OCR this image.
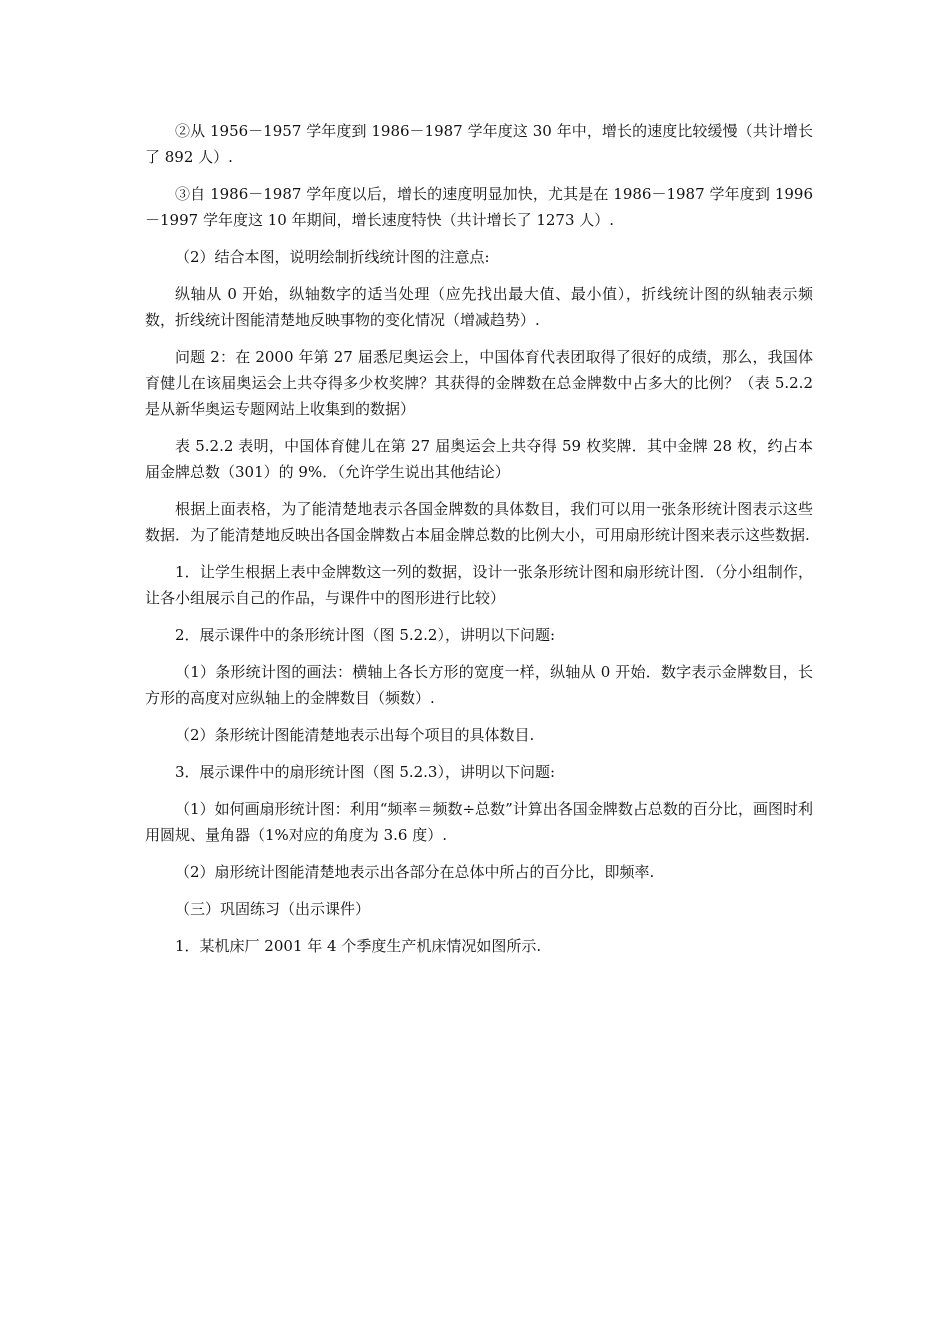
②从 1956－1957 学年度到 1986－1987 学年度这 30 年中，增长的速度比较缓慢（共计增长了 892 人）.

③自 1986－1987 学年度以后，增长的速度明显加快，尤其是在 1986－1987 学年度到 1996－1997 学年度这 10 年期间，增长速度特快（共计增长了 1273 人）.

（2）结合本图，说明绘制折线统计图的注意点:

纵轴从 0 开始，纵轴数字的适当处理（应先找出最大值、最小值），折线统计图的纵轴表示频数，折线统计图能清楚地反映事物的变化情况（增减趋势）.

问题 2：在 2000 年第 27 届悉尼奥运会上，中国体育代表团取得了很好的成绩，那么，我国体育健儿在该届奥运会上共夺得多少枚奖牌？其获得的金牌数在总金牌数中占多大的比例？（表 5.2.2 是从新华奥运专题网站上收集到的数据）

表 5.2.2 表明，中国体育健儿在第 27 届奥运会上共夺得 59 枚奖牌．其中金牌 28 枚，约占本届金牌总数（301）的 9%．（允许学生说出其他结论）

根据上面表格，为了能清楚地表示各国金牌数的具体数目，我们可以用一张条形统计图表示这些数据．为了能清楚地反映出各国金牌数占本届金牌总数的比例大小，可用扇形统计图来表示这些数据.

1．让学生根据上表中金牌数这一列的数据，设计一张条形统计图和扇形统计图．（分小组制作，让各小组展示自己的作品，与课件中的图形进行比较）

2．展示课件中的条形统计图（图 5.2.2），讲明以下问题:

（1）条形统计图的画法：横轴上各长方形的宽度一样，纵轴从 0 开始．数字表示金牌数目，长方形的高度对应纵轴上的金牌数目（频数）.

（2）条形统计图能清楚地表示出每个项目的具体数目.

3．展示课件中的扇形统计图（图 5.2.3），讲明以下问题:

（1）如何画扇形统计图：利用“频率＝频数÷总数”计算出各国金牌数占总数的百分比，画图时利用圆规、量角器（1%对应的角度为 3.6 度）.

（2）扇形统计图能清楚地表示出各部分在总体中所占的百分比，即频率.

（三）巩固练习（出示课件）

1．某机床厂 2001 年 4 个季度生产机床情况如图所示.
